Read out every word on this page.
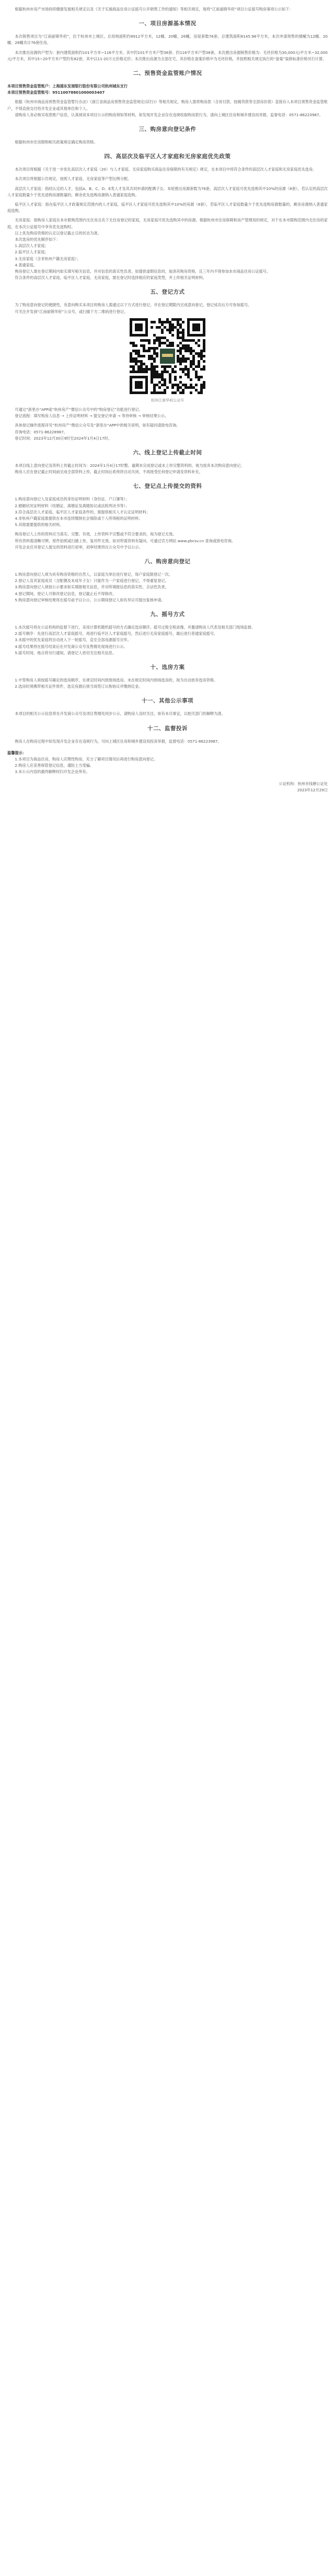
根据杭州市房产市场持续健康发展相关规定以及《关于实施商品住房公证摇号公开销售工作的通知》等相关规定，现将“江南丽锦华府”项目公证摇号购房事项公示如下：

一、项目房源基本情况

本次销售项目为“江南丽锦华府”，位于杭州市上城区，总用地面积约8912平方米，12幢、20幢、26幢，房屋套数76套，总建筑面积8145.98平方米，本次申请预售的楼幢为12幢、20幢、26幢共计76套住房。

本次推出房源的户型为：套内建筑面积约101平方米~116平方米，其中约101平方米户型38套、约116平方米户型38套。本次推出房源销售价格为：毛坯价格为30,000元/平方米~32,000元/平方米，其中15~20平方米户型约有82套，其中以11-20万元价格定价；本次推出房源为全部住宅，其价格在备案价格中为毛坯价格，并按照相关规定执行的“备案”装修标准价格另行计算。

二、预售资金监管账户情况

本项目预售资金监管账户：上海浦东发展银行股份有限公司杭州城东支行

本项目预售资金监管账号：95110078801000003407

根据《杭州市商品房预售资金监管暂行办法》《浙江省商品房预售资金监管规定(试行)》等相关规定，购房人需将购房款（含首付款、按揭贷款等全部房价款）直接存入本项目预售资金监管账户，不得直接交付给开发企业或其他单位和个人。

请购房人务必核实收款账户信息，认真阅读本项目公示的购房须知等材料，如发现开发企业存在违规收取购房款行为，请向上城区住房和城乡建设局举报。监督电话：0571-86223987。

三、购房意向登记条件

根据杭州市住房限购相关政策规定确定购房资格。

四、高层次及临平区人才家庭和无房家庭优先政策

本次项目将根据《关于进一步优化高层次人才家庭（20）与人才家庭、无房家庭购买商品住房保障的有关规定》规定，在本项目中将符合条件的高层次人才家庭和无房家庭优先选房。

本次项目将根据公告规定，按照人才家庭、无房家庭等户型比例分配。

高层次人才家庭：指经认定的人才，包括A、B、C、D、E类人才及其共同申请的配偶子女。本轮推出房源套数为76套，高层次人才家庭可优先选购其中10%的房源（8套），若认定的高层次人才家庭数量少于优先选购房源数量的，剩余优先选购房源纳入普通家庭选购。

临平区人才家庭：指在临平区人才政策规定范围内的人才家庭，临平区人才家庭可优先选购其中10%的房源（8套），若临平区人才家庭数量少于优先选购房源数量的，剩余房源纳入普通家庭选购。

无房家庭：指购房人家庭在本市限购范围内无住房且名下无住房登记的家庭，无房家庭可优先选购其中的房源。根据杭州市住房保障和房产管理局的规定，对于在本市限购范围内无住房的家庭，在本次公证摇号中享有优先选购权。

以上优先购房资格的认定以登记截止日的状态为准。

本次选房的优先顺序如下：

1.高层次人才家庭；

2.临平区人才家庭；

3.无房家庭（含非杭州户籍无房家庭）；

4.普通家庭。

购房登记人需在登记期间内如实填写相关信息，并对信息的真实性负责。如提供虚假信息的，取消其购房资格，且三年内不得参加本市商品住房公证摇号。

符合条件的高层次人才家庭、临平区人才家庭、无房家庭，需在登记时选择相应的家庭类型，并上传相关证明材料。

五、登记方式

为了购房意向登记的便捷性，有意向购买本项目的购房人需通过以下方式进行登记，并在登记期限内完成意向登记，登记成功后方可参加摇号。

可关注开发商“江南丽锦华府”公众号，或扫描下方二维码进行登记。

杭州江南华府公众号

可通过“浙里办”APP或“杭州房产”微信公众号中的“购房登记”功能进行登记。

登记流程：填写购房人信息 → 上传证明材料 → 提交登记申请 → 等待审核 → 审核结果公示。

具体登记操作流程详见“杭州房产”微信公众号及“浙里办”APP中的相关说明，如有疑问请致电咨询。

咨询电话：0571-86228987。

登记时间：2023年12月30日9时至2024年1月4日17时。

六、线上登记上传截止时间

本项目线上意向登记及资料上传截止时间为：2024年1月4日17时整。逾期未完成登记或未上传完整资料的，视为放弃本次购房意向登记。

购房人应在登记截止时间前完成全部资料上传，截止时间后系统将自动关闭，不再接受任何登记申请及资料补充。

七、登记点上传提交的资料

1.购房意向登记人及家庭成员的身份证明材料（身份证、户口簿等）；

2.婚姻状况证明材料（结婚证、离婚证及离婚协议或法院判决书等）；

3.符合高层次人才家庭、临平区人才家庭条件的，需提供相关人才认定证明材料；

4.非杭州户籍家庭需提供在本市连续缴纳社会保险或个人所得税的证明材料；

5.其他需要提供的相关材料。

购房登记人上传的资料应当真实、完整、有效，上传资料不完整或不符合要求的，视为登记无效。

所有资料需清晰可辨，原件拍照或扫描上传，复印件无效。如对所需资料有疑问，可通过官方网站 www.pbcsv.cn 查询或致电咨询。

开发企业应对登记人提交的资料进行初审，初审结果将在公众号中予以公示。

八、购房意向登记

1.购房意向登记人须为具有购房资格的自然人，以家庭为单位进行登记，每户家庭限登记一次。

2.登记人及其家庭成员（含配偶及未成年子女）只能作为一户家庭进行登记，不得重复登记。

3.购房意向登记人须按公示要求如实填报相关信息，并对所填报信息的真实性、合法性负责。

4.登记期间，登记人可修改登记信息，登记截止后不得修改。

5.购房意向登记审核结果将在摇号前予以公示，公示期间登记人如有异议可提出复核申请。

九、摇号方式

1.本次摇号将在公证机构的监督下进行，采用计算机随机摇号的方式确定选房顺序。摇号过程全程录像，并邀请购房人代表及相关部门现场监督。

2.摇号顺序：先进行高层次人才家庭摇号，再进行临平区人才家庭摇号，然后进行无房家庭摇号，最后进行普通家庭摇号。

3.未摇中的优先家庭将自动进入下一轮摇号，直至全部房源摇号完毕。

4.摇号结果将在摇号结束后在开发商公众号及售楼处现场进行公示。

5.摇号时间、地点将另行通知，请登记人密切关注相关信息。

十、选房方案

1.中签购房人须按摇号确定的选房顺序，在规定时间内到现场选房。未在规定时间内到场选房的，视为自动放弃选房资格。

2.选房时须携带相关证件原件，选定房源后须当场签订认购协议并缴纳定金。

十一、其他公示事项

本项目的相关公示信息将在开发商公众号及项目售楼处同步公示，请购房人及时关注。如有未尽事宜，以相关部门的解释为准。

十二、监督投诉

购房人在购房过程中如发现开发企业存在违规行为，可向上城区住房和城乡建设局投诉举报，监督电话：0571-86223987。

温馨提示：

1.本项目为商品住房，购房人应理性购房，充分了解项目情况后再进行购房意向登记。

2.购房人应妥善保管登记信息，谨防上当受骗。

3.本公示内容的最终解释权归开发企业所有。

公证机构：杭州市钱塘公证处

2023年12月29日
